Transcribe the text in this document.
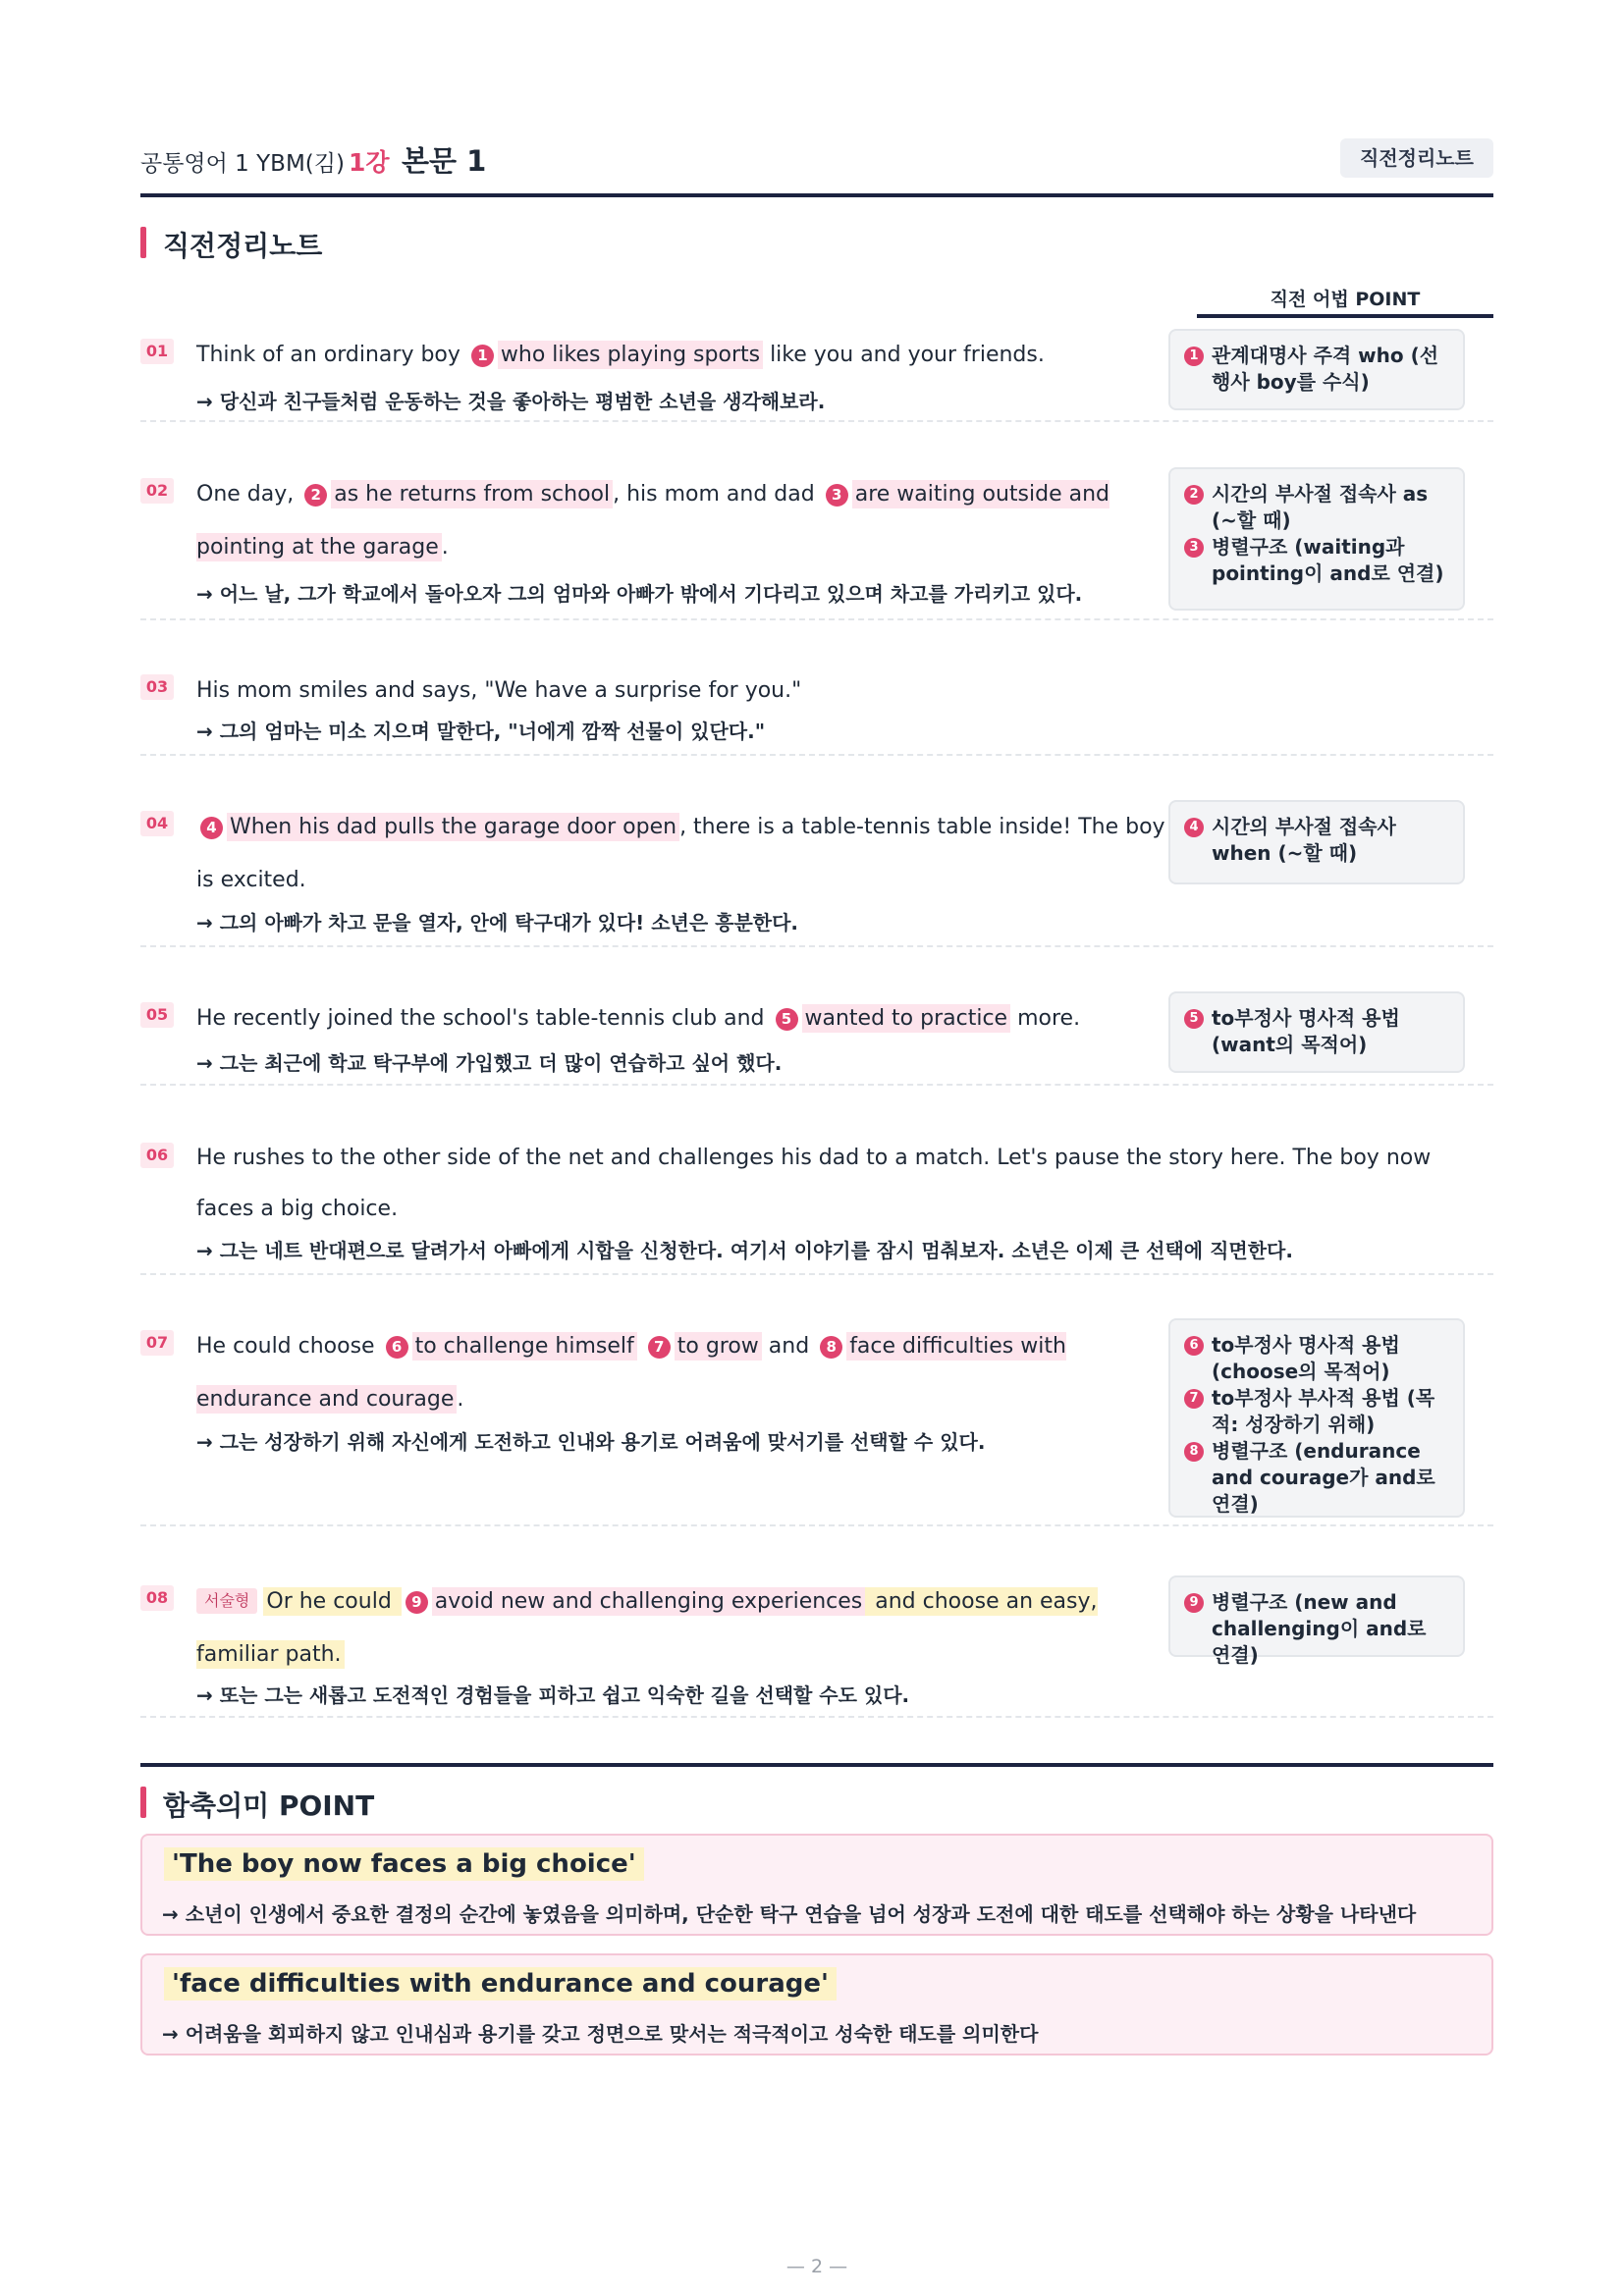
공통영어 1 YBM(김) 1강 본문 1	직전정리노트
직전정리노트
직전 어법 POINT
01 Think of an ordinary boy 1 who likes playing sports like you and your friends.
→ 당신과 친구들처럼 운동하는 것을 좋아하는 평범한 소년을 생각해보라.
1 관계대명사 주격 who (선행사 boy를 수식)
02 One day, 2 as he returns from school , his mom and dad 3 are waiting outside and pointing at the garage .
→ 어느 날, 그가 학교에서 돌아오자 그의 엄마와 아빠가 밖에서 기다리고 있으며 차고를 가리키고 있다.
2 시간의 부사절 접속사 as (~할 때)
3 병렬구조 (waiting과 pointing이 and로 연결)
03 His mom smiles and says, "We have a surprise for you."
→ 그의 엄마는 미소 지으며 말한다, "너에게 깜짝 선물이 있단다."
04	4 When his dad pulls the garage door open , there is a table-tennis table inside! The boy is excited.
→ 그의 아빠가 차고 문을 열자, 안에 탁구대가 있다! 소년은 흥분한다.
4 시간의 부사절 접속사 when (~할 때)
05 He recently joined the school's table-tennis club and 5 wanted to practice more.
→ 그는 최근에 학교 탁구부에 가입했고 더 많이 연습하고 싶어 했다.
5 to부정사 명사적 용법 (want의 목적어)
06 He rushes to the other side of the net and challenges his dad to a match. Let's pause the story here. The boy now faces a big choice.
→ 그는 네트 반대편으로 달려가서 아빠에게 시합을 신청한다. 여기서 이야기를 잠시 멈춰보자. 소년은 이제 큰 선택에 직면한다.
07 He could choose 6 to challenge himself 7 to grow and 8 face difficulties with endurance and courage .
→ 그는 성장하기 위해 자신에게 도전하고 인내와 용기로 어려움에 맞서기를 선택할 수 있다.
6 to부정사 명사적 용법 (choose의 목적어)
7 to부정사 부사적 용법 (목적: 성장하기 위해)
8 병렬구조 (endurance and courage가 and로 연결)
08	서술형 Or he could 9 avoid new and challenging experiences and choose an easy, familiar path.
→ 또는 그는 새롭고 도전적인 경험들을 피하고 쉽고 익숙한 길을 선택할 수도 있다.
9 병렬구조 (new and challenging이 and로 연결)
함축의미 POINT
'The boy now faces a big choice'
→ 소년이 인생에서 중요한 결정의 순간에 놓였음을 의미하며, 단순한 탁구 연습을 넘어 성장과 도전에 대한 태도를 선택해야 하는 상황을 나타낸다
'face difficulties with endurance and courage'
→ 어려움을 회피하지 않고 인내심과 용기를 갖고 정면으로 맞서는 적극적이고 성숙한 태도를 의미한다
— 2 —
